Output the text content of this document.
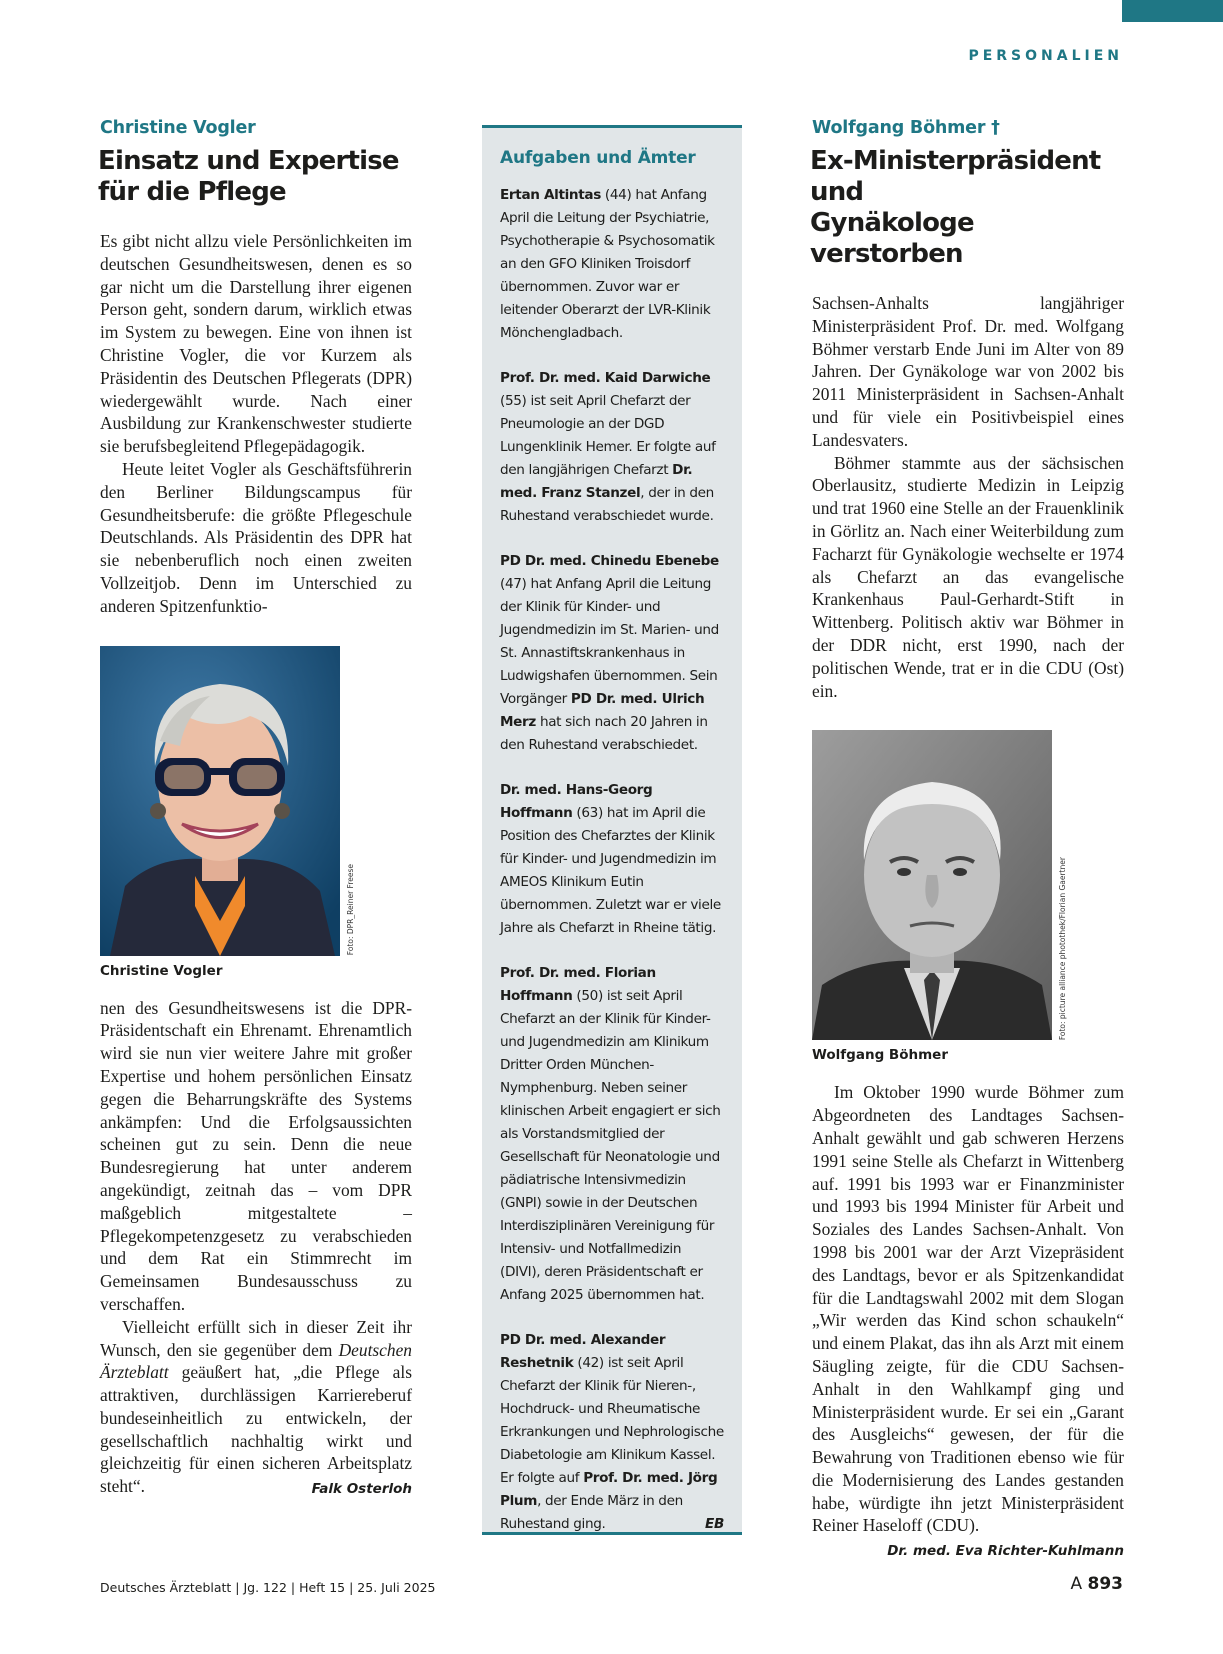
PERSONALIEN
Christine Vogler
Einsatz und Expertise
für die Pflege

Es gibt nicht allzu viele Persönlichkeiten im deutschen Gesundheitswesen, denen es so gar nicht um die Darstellung ihrer eigenen Person geht, sondern darum, wirklich etwas im System zu bewegen. Eine von ihnen ist Christine Vogler, die vor Kurzem als Präsidentin des Deutschen Pflegerats (DPR) wiedergewählt wurde. Nach einer Ausbildung zur Krankenschwester studierte sie berufsbegleitend Pflegepädagogik.

Heute leitet Vogler als Geschäftsführerin den Berliner Bildungscampus für Gesundheitsberufe: die größte Pflegeschule Deutschlands. Als Präsidentin des DPR hat sie nebenberuflich noch einen zweiten Vollzeitjob. Denn im Unterschied zu anderen Spitzenfunktio-

Foto: DPR_Reiner Freese
Christine Vogler

nen des Gesundheitswesens ist die DPR-Präsidentschaft ein Ehrenamt. Ehrenamtlich wird sie nun vier weitere Jahre mit großer Expertise und hohem persönlichen Einsatz gegen die Beharrungskräfte des Systems ankämpfen: Und die Erfolgsaussichten scheinen gut zu sein. Denn die neue Bundesregierung hat unter anderem angekündigt, zeitnah das – vom DPR maßgeblich mitgestaltete – Pflegekompetenzgesetz zu verabschieden und dem Rat ein Stimmrecht im Gemeinsamen Bundesausschuss zu verschaffen.

Vielleicht erfüllt sich in dieser Zeit ihr Wunsch, den sie gegenüber dem Deutschen Ärzteblatt geäußert hat, „die Pflege als attraktiven, durchlässigen Karriereberuf bundeseinheitlich zu entwickeln, der gesellschaftlich nachhaltig wirkt und gleichzeitig für einen sicheren Arbeitsplatz steht“.	Falk Osterloh

Aufgaben und Ämter
Ertan Altintas (44) hat Anfang April die Leitung der Psychiatrie, Psychotherapie & Psychosomatik an den GFO Kliniken Troisdorf übernommen. Zuvor war er leitender Oberarzt der LVR-Klinik Mönchengladbach.
Prof. Dr. med. Kaid Darwiche (55) ist seit April Chefarzt der Pneumologie an der DGD Lungenklinik Hemer. Er folgte auf den langjährigen Chefarzt Dr. med. Franz Stanzel, der in den Ruhestand verabschiedet wurde.
PD Dr. med. Chinedu Ebenebe (47) hat Anfang April die Leitung der Klinik für Kinder- und Jugendmedizin im St. Marien- und St. Annastiftskrankenhaus in Ludwigshafen übernommen. Sein Vorgänger PD Dr. med. Ulrich Merz hat sich nach 20 Jahren in den Ruhestand verabschiedet.
Dr. med. Hans-Georg Hoffmann (63) hat im April die Position des Chefarztes der Klinik für Kinder- und Jugendmedizin im AMEOS Klinikum Eutin übernommen. Zuletzt war er viele Jahre als Chefarzt in Rheine tätig.
Prof. Dr. med. Florian Hoffmann (50) ist seit April Chefarzt an der Klinik für Kinder- und Jugendmedizin am Klinikum Dritter Orden München-Nymphenburg. Neben seiner klinischen Arbeit engagiert er sich als Vorstandsmitglied der Gesellschaft für Neonatologie und pädiatrische Intensivmedizin (GNPI) sowie in der Deutschen Interdisziplinären Vereinigung für Intensiv- und Notfallmedizin (DIVI), deren Präsidentschaft er Anfang 2025 übernommen hat.
PD Dr. med. Alexander Reshetnik (42) ist seit April Chefarzt der Klinik für Nieren-, Hochdruck- und Rheumatische Erkrankungen und Nephrologische Diabetologie am Klinikum Kassel. Er folgte auf Prof. Dr. med. Jörg Plum, der Ende März in den Ruhestand ging.	EB
Wolfgang Böhmer †
Ex-Ministerpräsident und
Gynäkologe verstorben

Sachsen-Anhalts langjähriger Ministerpräsident Prof. Dr. med. Wolfgang Böhmer verstarb Ende Juni im Alter von 89 Jahren. Der Gynäkologe war von 2002 bis 2011 Ministerpräsident in Sachsen-Anhalt und für viele ein Positivbeispiel eines Landesvaters.

Böhmer stammte aus der sächsischen Oberlausitz, studierte Medizin in Leipzig und trat 1960 eine Stelle an der Frauenklinik in Görlitz an. Nach einer Weiterbildung zum Facharzt für Gynäkologie wechselte er 1974 als Chefarzt an das evangelische Krankenhaus Paul-Gerhardt-Stift in Wittenberg. Politisch aktiv war Böhmer in der DDR nicht, erst 1990, nach der politischen Wende, trat er in die CDU (Ost) ein.

Foto: picture alliance photothek/Florian Gaertner
Wolfgang Böhmer

Im Oktober 1990 wurde Böhmer zum Abgeordneten des Landtages Sachsen-Anhalt gewählt und gab schweren Herzens 1991 seine Stelle als Chefarzt in Wittenberg auf. 1991 bis 1993 war er Finanzminister und 1993 bis 1994 Minister für Arbeit und Soziales des Landes Sachsen-Anhalt. Von 1998 bis 2001 war der Arzt Vizepräsident des Landtags, bevor er als Spitzenkandidat für die Landtagswahl 2002 mit dem Slogan „Wir werden das Kind schon schaukeln“ und einem Plakat, das ihn als Arzt mit einem Säugling zeigte, für die CDU Sachsen-Anhalt in den Wahlkampf ging und Ministerpräsident wurde. Er sei ein „Garant des Ausgleichs“ gewesen, der für die Bewahrung von Traditionen ebenso wie für die Modernisierung des Landes gestanden habe, würdigte ihn jetzt Ministerpräsident Reiner Haseloff (CDU).
Dr. med. Eva Richter-Kuhlmann

Deutsches Ärzteblatt | Jg. 122 | Heft 15 | 25. Juli 2025	A 893
